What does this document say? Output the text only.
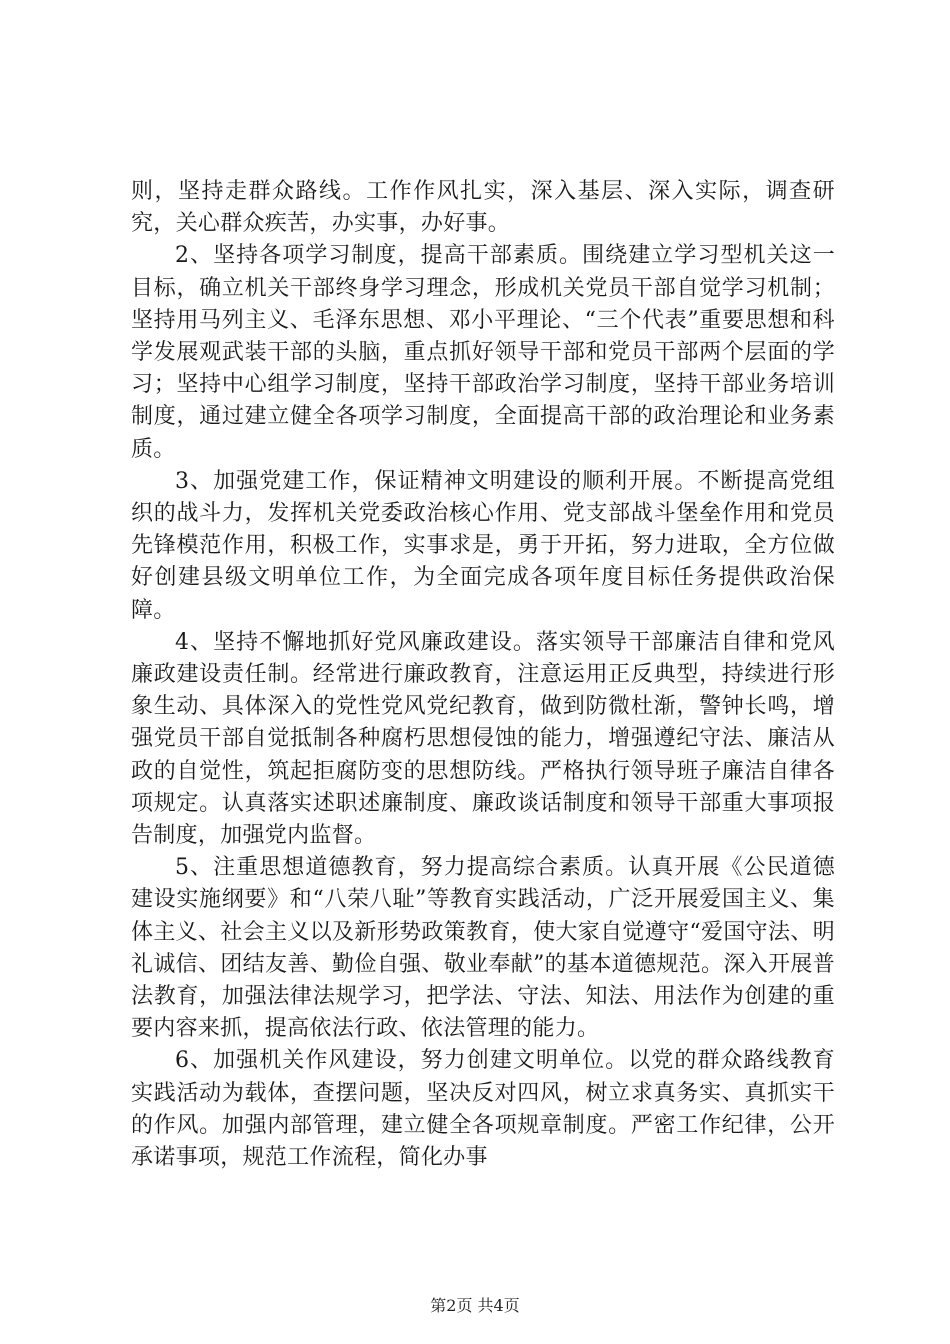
则，坚持走群众路线。工作作风扎实，深入基层、深入实际，调查研究，关心群众疾苦，办实事，办好事。

2、坚持各项学习制度，提高干部素质。围绕建立学习型机关这一目标，确立机关干部终身学习理念，形成机关党员干部自觉学习机制；坚持用马列主义、毛泽东思想、邓小平理论、“三个代表”重要思想和科学发展观武装干部的头脑，重点抓好领导干部和党员干部两个层面的学习；坚持中心组学习制度，坚持干部政治学习制度，坚持干部业务培训制度，通过建立健全各项学习制度，全面提高干部的政治理论和业务素质。

3、加强党建工作，保证精神文明建设的顺利开展。不断提高党组织的战斗力，发挥机关党委政治核心作用、党支部战斗堡垒作用和党员先锋模范作用，积极工作，实事求是，勇于开拓，努力进取，全方位做好创建县级文明单位工作，为全面完成各项年度目标任务提供政治保障。

4、坚持不懈地抓好党风廉政建设。落实领导干部廉洁自律和党风廉政建设责任制。经常进行廉政教育，注意运用正反典型，持续进行形象生动、具体深入的党性党风党纪教育，做到防微杜渐，警钟长鸣，增强党员干部自觉抵制各种腐朽思想侵蚀的能力，增强遵纪守法、廉洁从政的自觉性，筑起拒腐防变的思想防线。严格执行领导班子廉洁自律各项规定。认真落实述职述廉制度、廉政谈话制度和领导干部重大事项报告制度，加强党内监督。

5、注重思想道德教育，努力提高综合素质。认真开展《公民道德建设实施纲要》和“八荣八耻”等教育实践活动，广泛开展爱国主义、集体主义、社会主义以及新形势政策教育，使大家自觉遵守“爱国守法、明礼诚信、团结友善、勤俭自强、敬业奉献”的基本道德规范。深入开展普法教育，加强法律法规学习，把学法、守法、知法、用法作为创建的重要内容来抓，提高依法行政、依法管理的能力。

6、加强机关作风建设，努力创建文明单位。以党的群众路线教育实践活动为载体，查摆问题，坚决反对四风，树立求真务实、真抓实干的作风。加强内部管理，建立健全各项规章制度。严密工作纪律，公开承诺事项，规范工作流程，简化办事

第2页 共4页
